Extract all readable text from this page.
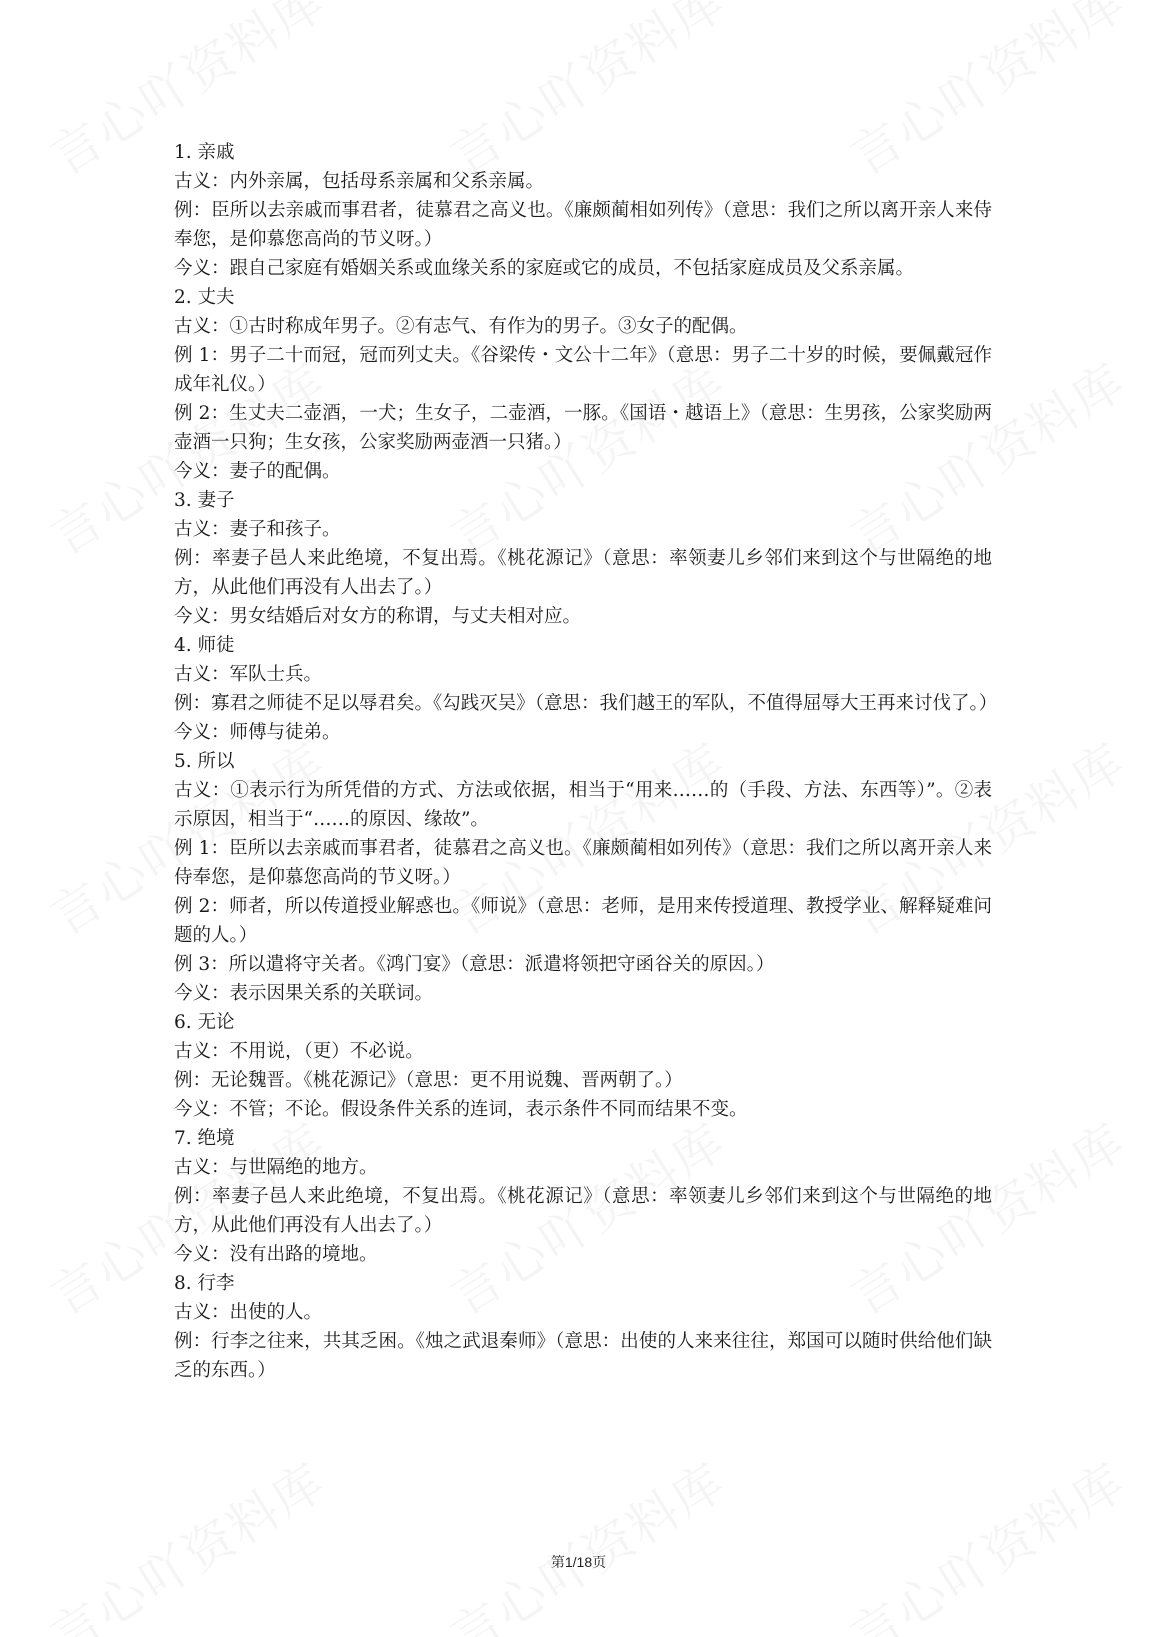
1. 亲戚
古义：内外亲属，包括母系亲属和父系亲属。
例：臣所以去亲戚而事君者，徒慕君之高义也。《廉颇蔺相如列传》（意思：我们之所以离开亲人来侍奉您，是仰慕您高尚的节义呀。）
今义：跟自己家庭有婚姻关系或血缘关系的家庭或它的成员，不包括家庭成员及父系亲属。
2. 丈夫
古义：①古时称成年男子。②有志气、有作为的男子。③女子的配偶。
例 1：男子二十而冠，冠而列丈夫。《谷梁传・文公十二年》（意思：男子二十岁的时候，要佩戴冠作成年礼仪。）
例 2：生丈夫二壶酒，一犬；生女子，二壶酒，一豚。《国语・越语上》（意思：生男孩，公家奖励两壶酒一只狗；生女孩，公家奖励两壶酒一只猪。）
今义：妻子的配偶。
3. 妻子
古义：妻子和孩子。
例：率妻子邑人来此绝境，不复出焉。《桃花源记》（意思：率领妻儿乡邻们来到这个与世隔绝的地方，从此他们再没有人出去了。）
今义：男女结婚后对女方的称谓，与丈夫相对应。
4. 师徒
古义：军队士兵。
例：寡君之师徒不足以辱君矣。《勾践灭吴》（意思：我们越王的军队，不值得屈辱大王再来讨伐了。）
今义：师傅与徒弟。
5. 所以
古义：①表示行为所凭借的方式、方法或依据，相当于“用来……的（手段、方法、东西等）”。②表示原因，相当于“……的原因、缘故”。
例 1：臣所以去亲戚而事君者，徒慕君之高义也。《廉颇蔺相如列传》（意思：我们之所以离开亲人来侍奉您，是仰慕您高尚的节义呀。）
例 2：师者，所以传道授业解惑也。《师说》（意思：老师，是用来传授道理、教授学业、解释疑难问题的人。）
例 3：所以遣将守关者。《鸿门宴》（意思：派遣将领把守函谷关的原因。）
今义：表示因果关系的关联词。
6. 无论
古义：不用说，（更）不必说。
例：无论魏晋。《桃花源记》（意思：更不用说魏、晋两朝了。）
今义：不管；不论。假设条件关系的连词，表示条件不同而结果不变。
7. 绝境
古义：与世隔绝的地方。
例：率妻子邑人来此绝境，不复出焉。《桃花源记》（意思：率领妻儿乡邻们来到这个与世隔绝的地方，从此他们再没有人出去了。）
今义：没有出路的境地。
8. 行李
古义：出使的人。
例：行李之往来，共其乏困。《烛之武退秦师》（意思：出使的人来来往往，郑国可以随时供给他们缺乏的东西。）
第1/18页
